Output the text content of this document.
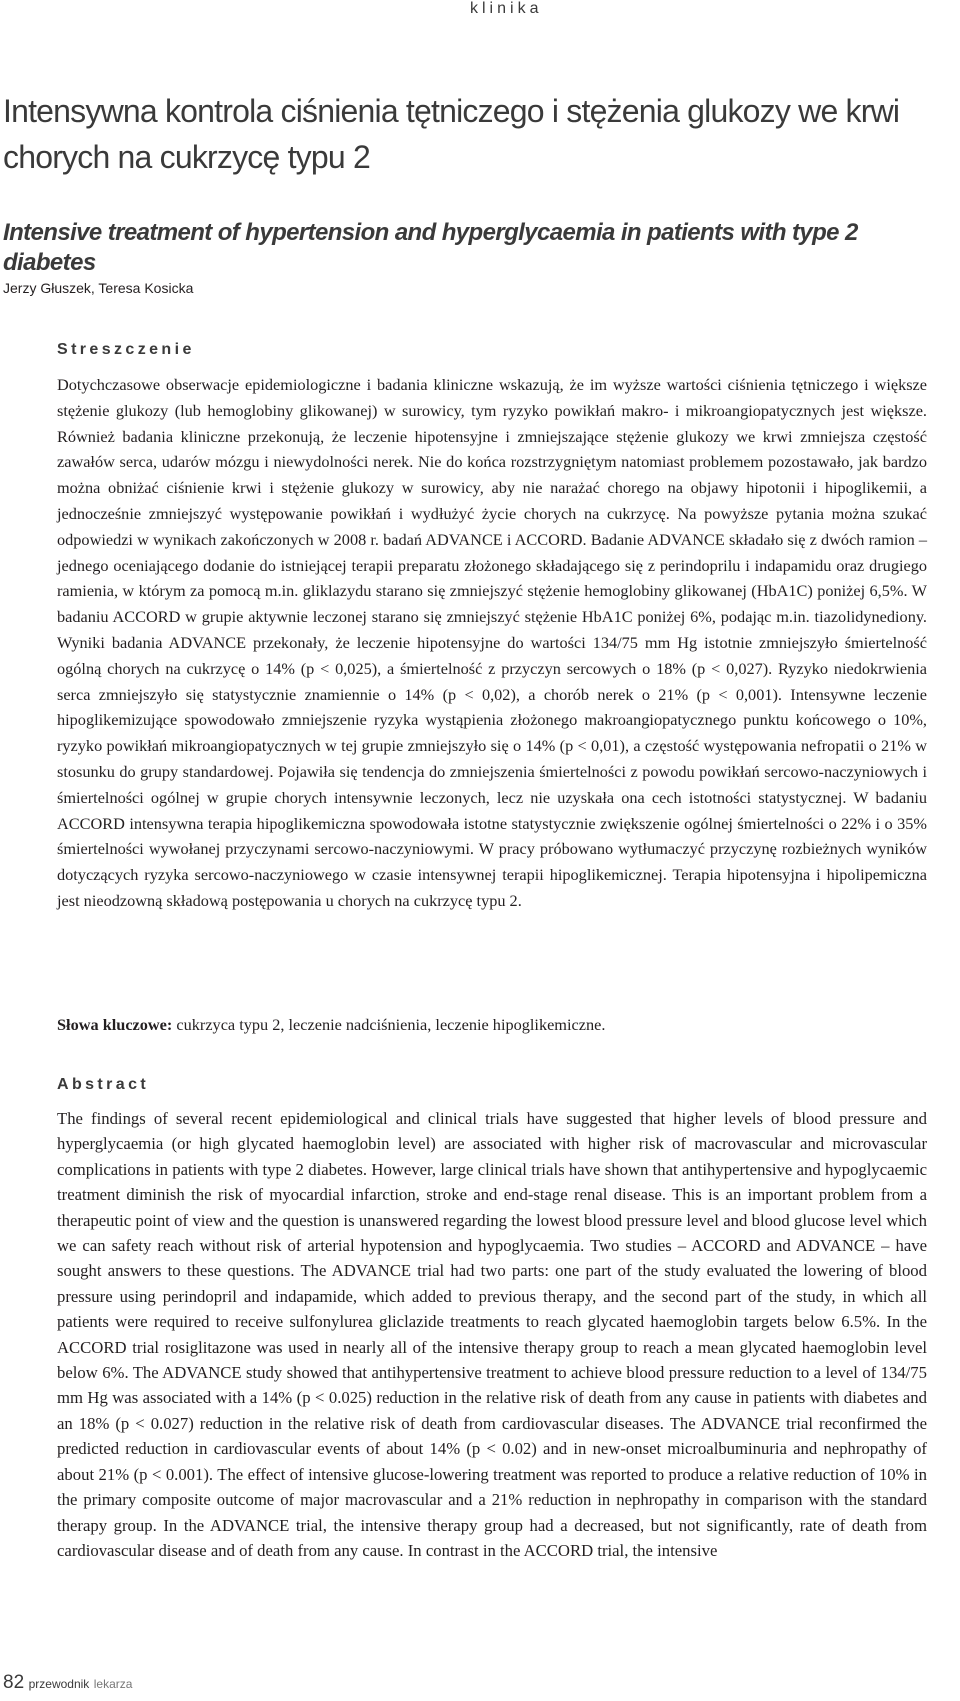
klinika
Intensywna kontrola ciśnienia tętniczego i stężenia glukozy we krwi chorych na cukrzycę typu 2
Intensive treatment of hypertension and hyperglycaemia in patients with type 2 diabetes
Jerzy Głuszek, Teresa Kosicka
Streszczenie
Dotychczasowe obserwacje epidemiologiczne i badania kliniczne wskazują, że im wyższe wartości ciśnienia tętniczego i większe stężenie glukozy (lub hemoglobiny glikowanej) w surowicy, tym ryzyko powikłań makro- i mikroangiopatycznych jest większe. Również badania kliniczne przekonują, że leczenie hipotensyjne i zmniejszające stężenie glukozy we krwi zmniejsza częstość zawałów serca, udarów mózgu i niewydolności nerek. Nie do końca rozstrzygniętym natomiast problemem pozostawało, jak bardzo można obniżać ciśnienie krwi i stężenie glukozy w surowicy, aby nie narażać chorego na objawy hipotonii i hipoglikemii, a jednocześnie zmniejszyć występowanie powikłań i wydłużyć życie chorych na cukrzycę. Na powyższe pytania można szukać odpowiedzi w wynikach zakończonych w 2008 r. badań ADVANCE i ACCORD. Badanie ADVANCE składało się z dwóch ramion – jednego oceniającego dodanie do istniejącej terapii preparatu złożonego składającego się z perindoprilu i indapamidu oraz drugiego ramienia, w którym za pomocą m.in. gliklazydu starano się zmniejszyć stężenie hemoglobiny glikowanej (HbA1C) poniżej 6,5%. W badaniu ACCORD w grupie aktywnie leczonej starano się zmniejszyć stężenie HbA1C poniżej 6%, podając m.in. tiazolidynediony. Wyniki badania ADVANCE przekonały, że leczenie hipotensyjne do wartości 134/75 mm Hg istotnie zmniejszyło śmiertelność ogólną chorych na cukrzycę o 14% (p < 0,025), a śmiertelność z przyczyn sercowych o 18% (p < 0,027). Ryzyko niedokrwienia serca zmniejszyło się statystycznie znamiennie o 14% (p < 0,02), a chorób nerek o 21% (p < 0,001). Intensywne leczenie hipoglikemizujące spowodowało zmniejszenie ryzyka wystąpienia złożonego makroangiopatycznego punktu końcowego o 10%, ryzyko powikłań mikroangiopatycznych w tej grupie zmniejszyło się o 14% (p < 0,01), a częstość występowania nefropatii o 21% w stosunku do grupy standardowej. Pojawiła się tendencja do zmniejszenia śmiertelności z powodu powikłań sercowo-naczyniowych i śmiertelności ogólnej w grupie chorych intensywnie leczonych, lecz nie uzyskała ona cech istotności statystycznej. W badaniu ACCORD intensywna terapia hipoglikemiczna spowodowała istotne statystycznie zwiększenie ogólnej śmiertelności o 22% i o 35% śmiertelności wywołanej przyczynami sercowo-naczyniowymi. W pracy próbowano wytłumaczyć przyczynę rozbieżnych wyników dotyczących ryzyka sercowo-naczyniowego w czasie intensywnej terapii hipoglikemicznej. Terapia hipotensyjna i hipolipemiczna jest nieodzowną składową postępowania u chorych na cukrzycę typu 2.
Słowa kluczowe: cukrzyca typu 2, leczenie nadciśnienia, leczenie hipoglikemiczne.
Abstract
The findings of several recent epidemiological and clinical trials have suggested that higher levels of blood pressure and hyperglycaemia (or high glycated haemoglobin level) are associated with higher risk of macrovascular and microvascular complications in patients with type 2 diabetes. However, large clinical trials have shown that antihypertensive and hypoglycaemic treatment diminish the risk of myocardial infarction, stroke and end-stage renal disease. This is an important problem from a therapeutic point of view and the question is unanswered regarding the lowest blood pressure level and blood glucose level which we can safety reach without risk of arterial hypotension and hypoglycaemia. Two studies – ACCORD and ADVANCE – have sought answers to these questions. The ADVANCE trial had two parts: one part of the study evaluated the lowering of blood pressure using perindopril and indapamide, which added to previous therapy, and the second part of the study, in which all patients were required to receive sulfonylurea gliclazide treatments to reach glycated haemoglobin targets below 6.5%. In the ACCORD trial rosiglitazone was used in nearly all of the intensive therapy group to reach a mean glycated haemoglobin level below 6%. The ADVANCE study showed that antihypertensive treatment to achieve blood pressure reduction to a level of 134/75 mm Hg was associated with a 14% (p < 0.025) reduction in the relative risk of death from any cause in patients with diabetes and an 18% (p < 0.027) reduction in the relative risk of death from cardiovascular diseases. The ADVANCE trial reconfirmed the predicted reduction in cardiovascular events of about 14% (p < 0.02) and in new-onset microalbuminuria and nephropathy of about 21% (p < 0.001). The effect of intensive glucose-lowering treatment was reported to produce a relative reduction of 10% in the primary composite outcome of major macrovascular and a 21% reduction in nephropathy in comparison with the standard therapy group. In the ADVANCE trial, the intensive therapy group had a decreased, but not significantly, rate of death from cardiovascular disease and of death from any cause. In contrast in the ACCORD trial, the intensive
82 przewodnik lekarza
